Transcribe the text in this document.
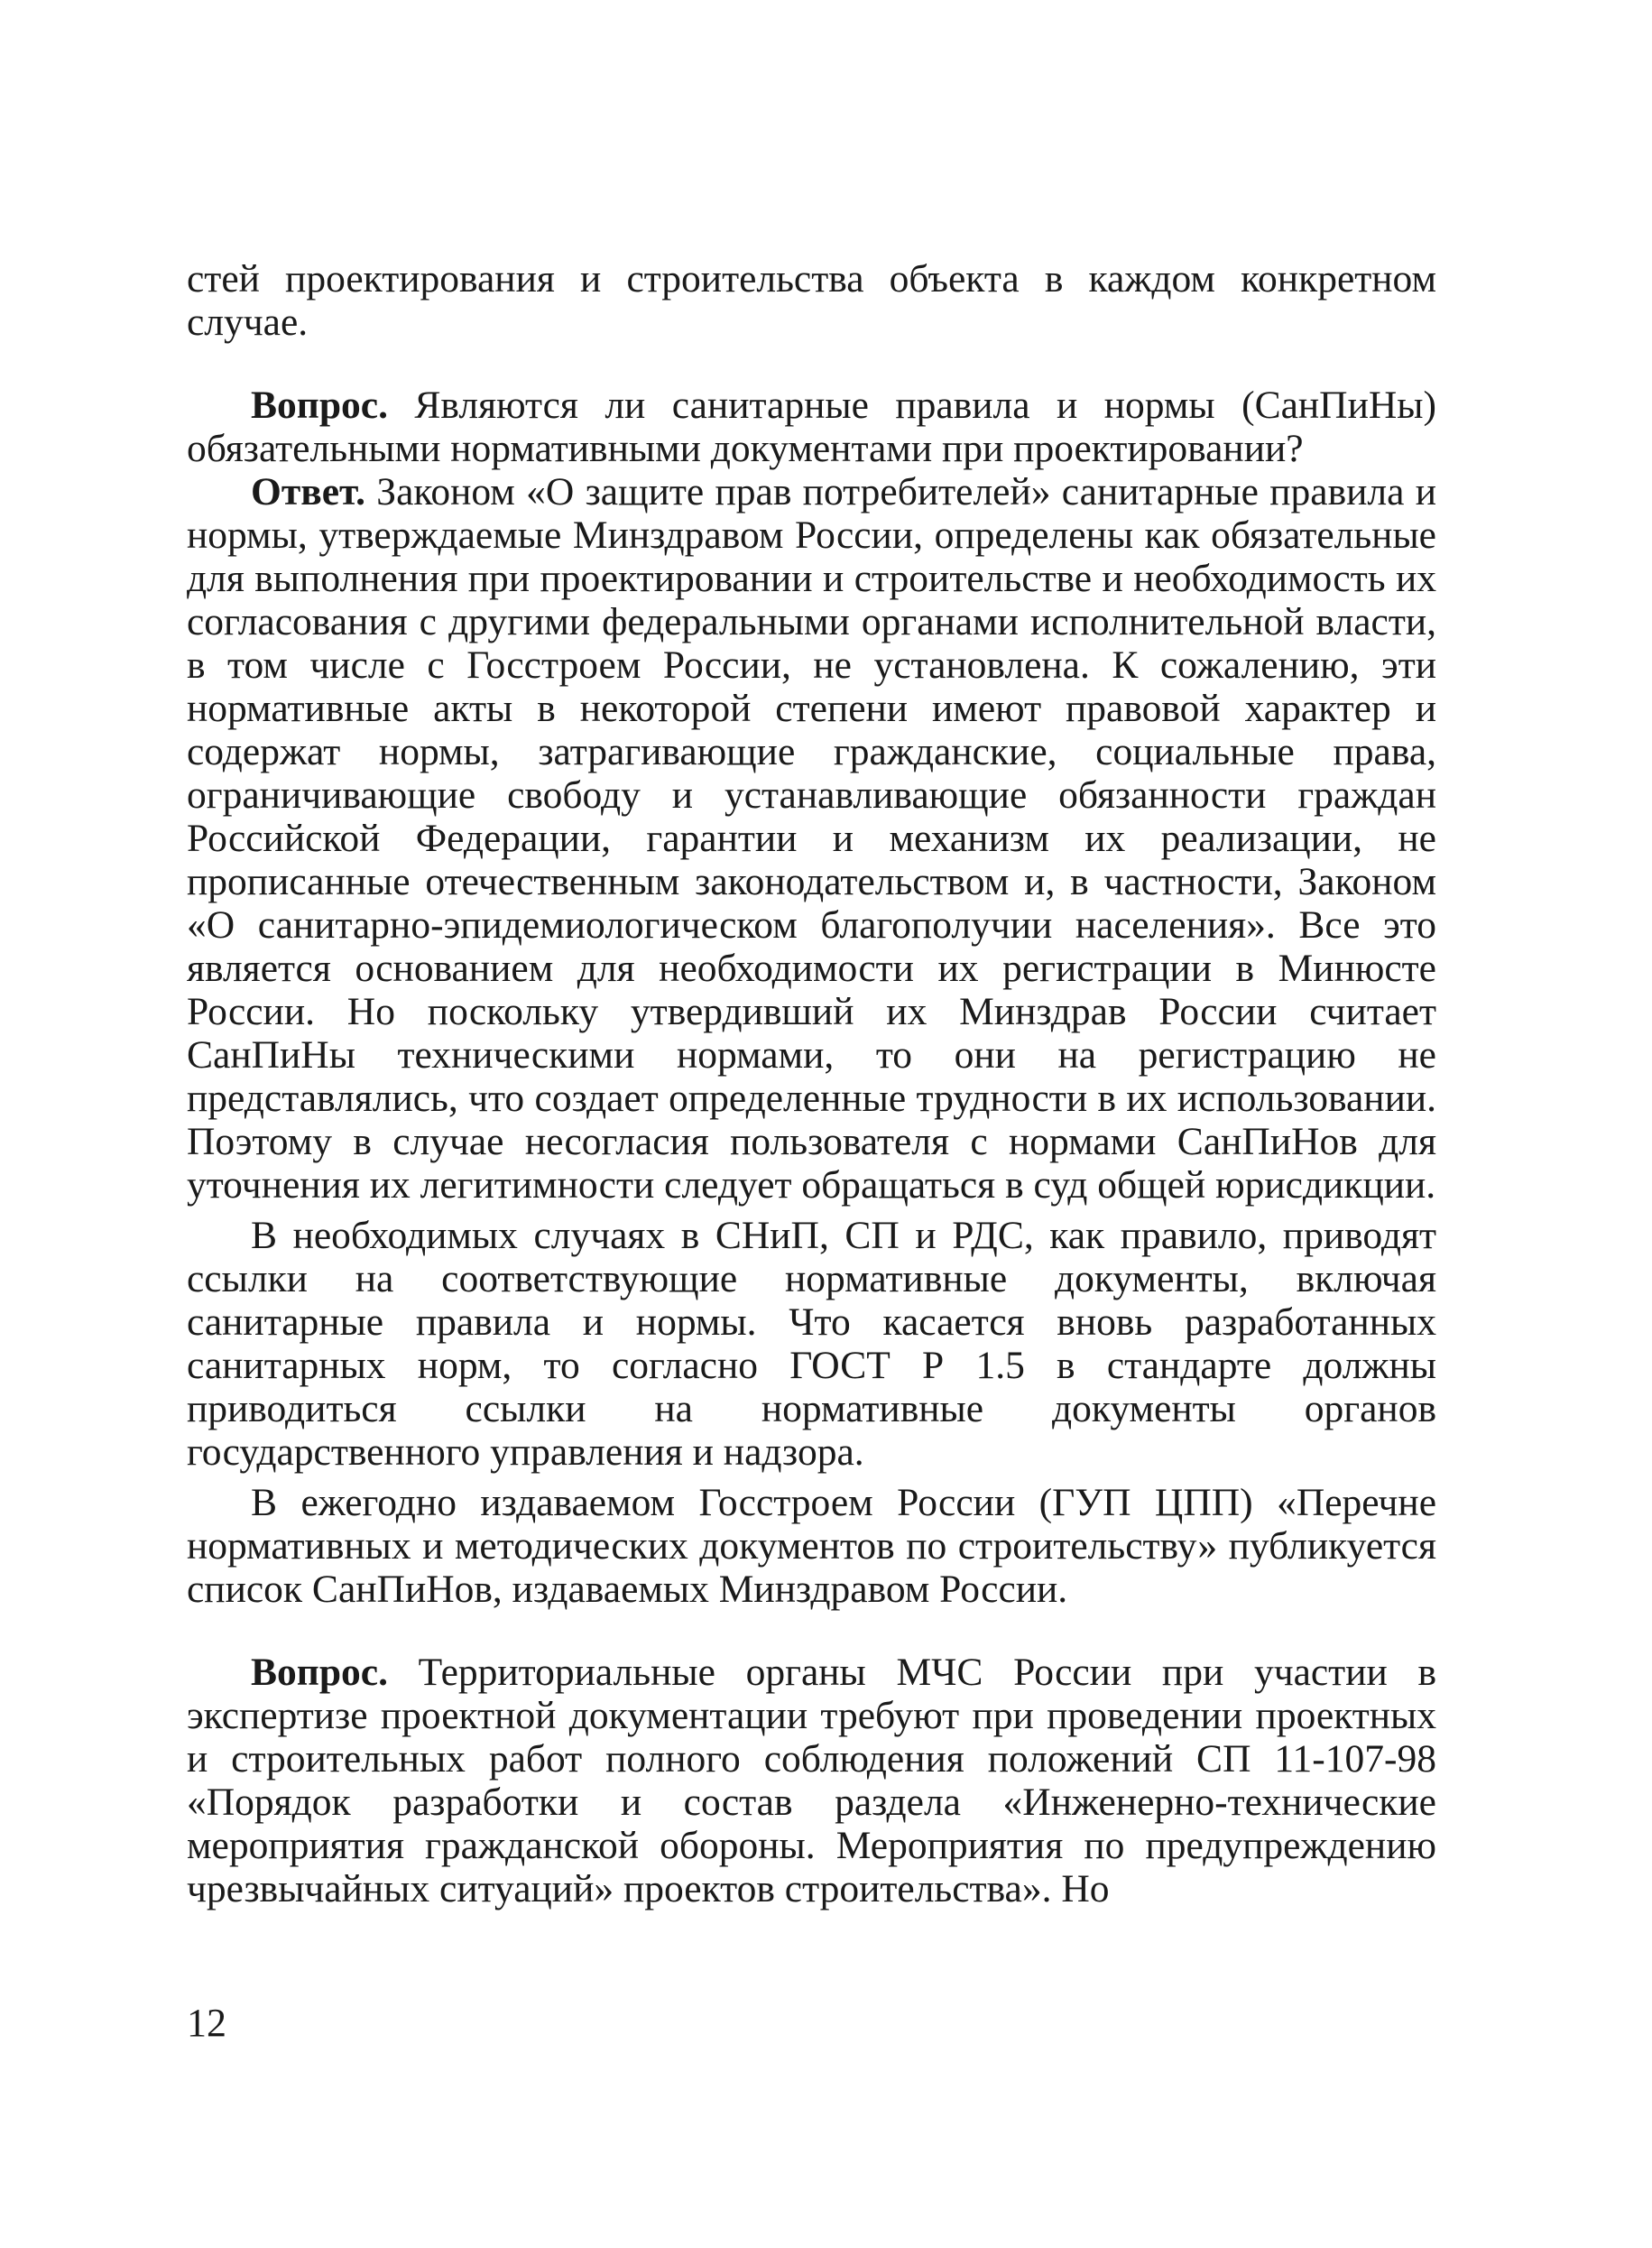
стей проектирования и строительства объекта в каждом конкретном случае.

Вопрос. Являются ли санитарные правила и нормы (СанПиНы) обязательными нормативными документами при проектировании?

Ответ. Законом «О защите прав потребителей» санитарные правила и нормы, утверждаемые Минздравом России, определены как обязательные для выполнения при проектировании и строительстве и необходимость их согласования с другими федеральными органами исполнительной власти, в том числе с Госстроем России, не установлена. К сожалению, эти нормативные акты в некоторой степени имеют правовой характер и содержат нормы, затрагивающие гражданские, социальные права, ограничивающие свободу и устанавливающие обязанности граждан Российской Федерации, гарантии и механизм их реализации, не прописанные отечественным законодательством и, в частности, Законом «О санитарно-эпидемиологическом благополучии населения». Все это является основанием для необходимости их регистрации в Минюсте России. Но поскольку утвердивший их Минздрав России считает СанПиНы техническими нормами, то они на регистрацию не представлялись, что создает определенные трудности в их использовании. Поэтому в случае несогласия пользователя с нормами СанПиНов для уточнения их легитимности следует обращаться в суд общей юрисдикции.

В необходимых случаях в СНиП, СП и РДС, как правило, приводят ссылки на соответствующие нормативные документы, включая санитарные правила и нормы. Что касается вновь разработанных санитарных норм, то согласно ГОСТ Р 1.5 в стандарте должны приводиться ссылки на нормативные документы органов государственного управления и надзора.

В ежегодно издаваемом Госстроем России (ГУП ЦПП) «Перечне нормативных и методических документов по строительству» публикуется список СанПиНов, издаваемых Минздравом России.

Вопрос. Территориальные органы МЧС России при участии в экспертизе проектной документации требуют при проведении проектных и строительных работ полного соблюдения положений СП 11-107-98 «Порядок разработки и состав раздела «Инженерно-технические мероприятия гражданской обороны. Мероприятия по предупреждению чрезвычайных ситуаций» проектов строительства». Но

12
